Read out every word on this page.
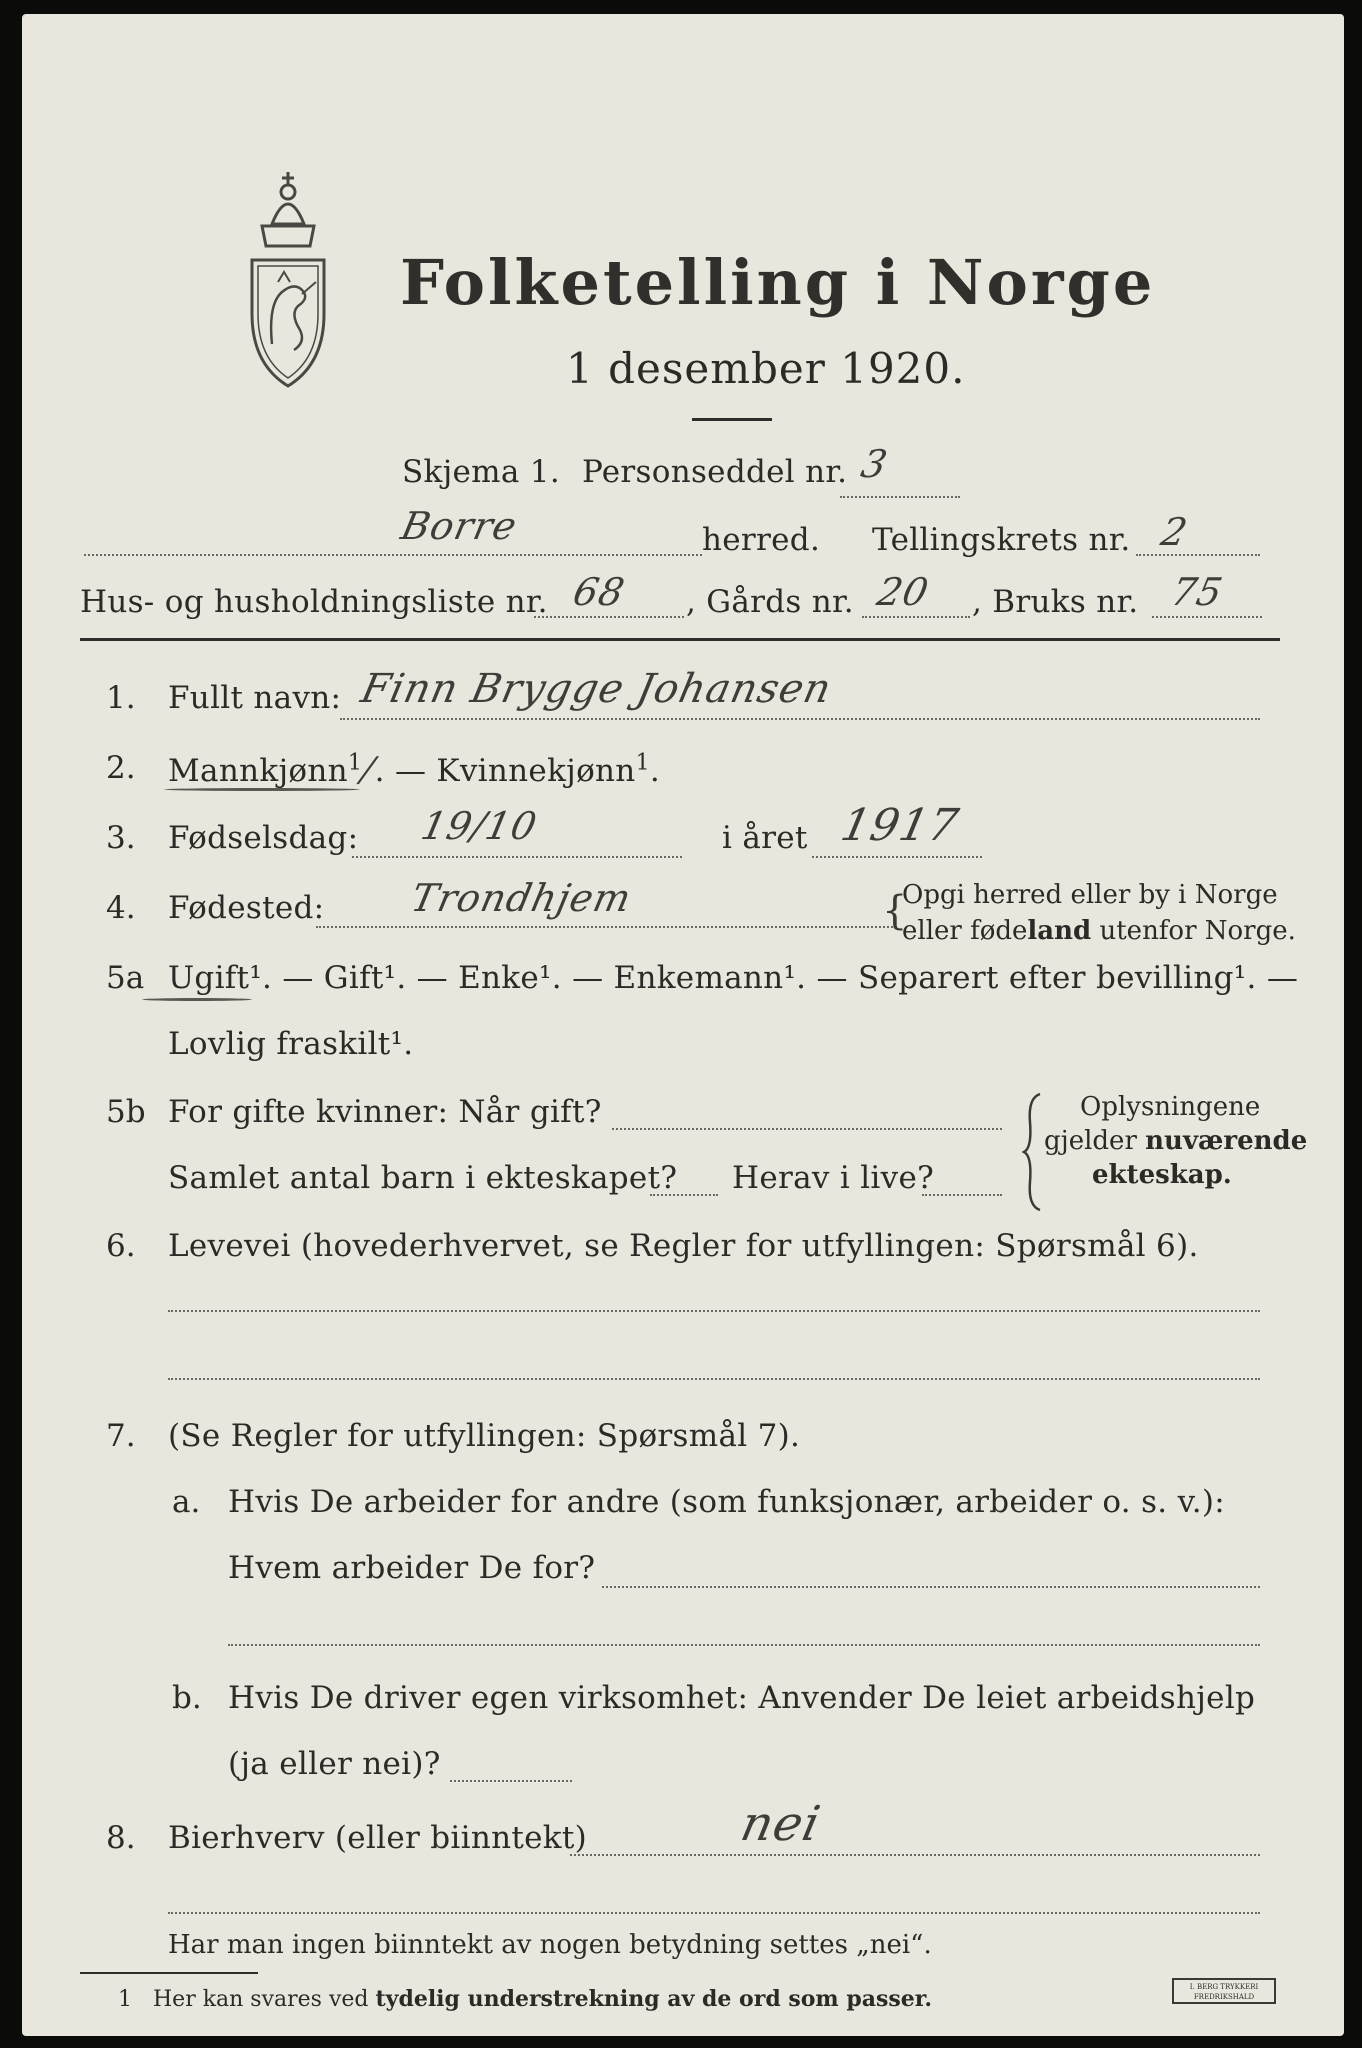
Folketelling i Norge
1 desember 1920.
Skjema 1. Personseddel nr. 3
Borre	herred. Tellingskrets nr. 2
Hus- og husholdningsliste nr. 68 , Gårds nr. 20 , Bruks nr. 75
1. Fullt navn: Finn Brygge Johansen
2. Mannkjønn$^1$/. — Kvinnekjønn$^1$.
3. Fødselsdag: 19/10	i året 1917
4. Fødested: Trondhjem	{
Opgi herred eller by i Norge
eller fødeland utenfor Norge.
5a Ugift¹. — Gift¹. — Enke¹. — Enkemann¹. — Separert efter bevilling¹. —
Lovlig fraskilt¹.
5b For gifte kvinner: Når gift?
Samlet antal barn i ekteskapet? Herav i live?
Oplysningene
gjelder nuværende
ekteskap.
6. Levevei (hovederhvervet, se Regler for utfyllingen: Spørsmål 6).
7. (Se Regler for utfyllingen: Spørsmål 7).
a. Hvis De arbeider for andre (som funksjonær, arbeider o. s. v.):
Hvem arbeider De for?
b. Hvis De driver egen virksomhet: Anvender De leiet arbeidshjelp
(ja eller nei)?
8. Bierhverv (eller biinntekt)	nei
Har man ingen biinntekt av nogen betydning settes „nei“.
1 Her kan svares ved tydelig understrekning av de ord som passer.	I. BERG TRYKKERI
FREDRIKSHALD
